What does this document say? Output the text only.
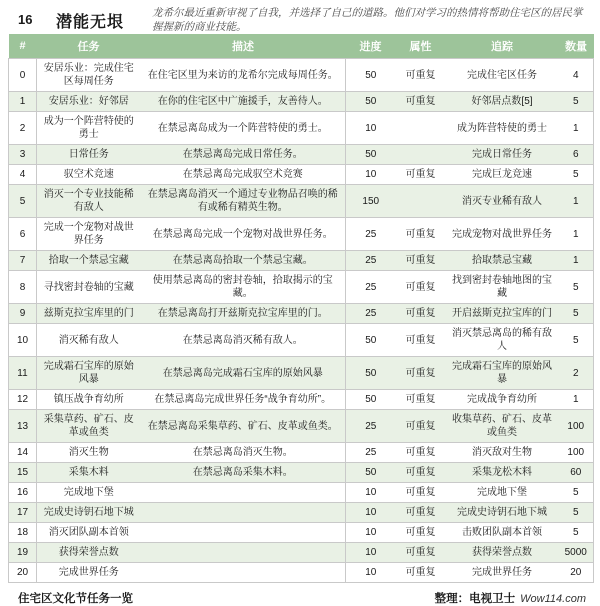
16	潜能无垠
龙希尔最近重新审视了自我，并选择了自己的道路。他们对学习的热情将帮助住宅区的居民掌握握新的商业技能。
#	任务	描述	进度	属性	追踪	数量
0	安居乐业：完成住宅区每周任务	在住宅区里为来访的龙希尔完成每周任务。	50	可重复	完成住宅区任务	4
1	安居乐业：好邻居	在你的住宅区中广施援手，友善待人。	50	可重复	好邻居点数[5]	5
2	成为一个阵营特使的勇士	在禁忌离岛成为一个阵营特使的勇士。	10		成为阵营特使的勇士	1
3	日常任务	在禁忌离岛完成日常任务。	50		完成日常任务	6
4	驭空术竞速	在禁忌离岛完成驭空术竞赛	10	可重复	完成巨龙竞速	5
5	消灭一个专业技能稀有敌人	在禁忌离岛消灭一个通过专业物品召唤的稀有或稀有精英生物。	150		消灭专业稀有敌人	1
6	完成一个宠物对战世界任务	在禁忌离岛完成一个宠物对战世界任务。	25	可重复	完成宠物对战世界任务	1
7	拾取一个禁忌宝藏	在禁忌离岛拾取一个禁忌宝藏。	25	可重复	拾取禁忌宝藏	1
8	寻找密封卷轴的宝藏	使用禁忌离岛的密封卷轴，拾取揭示的宝藏。	25	可重复	找到密封卷轴地图的宝藏	5
9	兹斯克拉宝库里的门	在禁忌离岛打开兹斯克拉宝库里的门。	25	可重复	开启兹斯克拉宝库的门	5
10	消灭稀有敌人	在禁忌离岛消灭稀有敌人。	50	可重复	消灭禁忌离岛的稀有敌人	5
11	完成霜石宝库的原始风暴	在禁忌离岛完成霜石宝库的原始风暴	50	可重复	完成霜石宝库的原始风暴	2
12	镇压战争育幼所	在禁忌离岛完成世界任务“战争育幼所”。	50	可重复	完成战争育幼所	1
13	采集草药、矿石、皮革或鱼类	在禁忌离岛采集草药、矿石、皮革或鱼类。	25	可重复	收集草药、矿石、皮革或鱼类	100
14	消灭生物	在禁忌离岛消灭生物。	25	可重复	消灭敌对生物	100
15	采集木料	在禁忌离岛采集木料。	50	可重复	采集龙松木料	60
16	完成地下堡		10	可重复	完成地下堡	5
17	完成史诗钥石地下城		10	可重复	完成史诗钥石地下城	5
18	消灭团队副本首领		10	可重复	击败团队副本首领	5
19	获得荣誉点数		10	可重复	获得荣誉点数	5000
20	完成世界任务		10	可重复	完成世界任务	20
住宅区文化节任务一览	整理：电视卫士 Wow114.com
